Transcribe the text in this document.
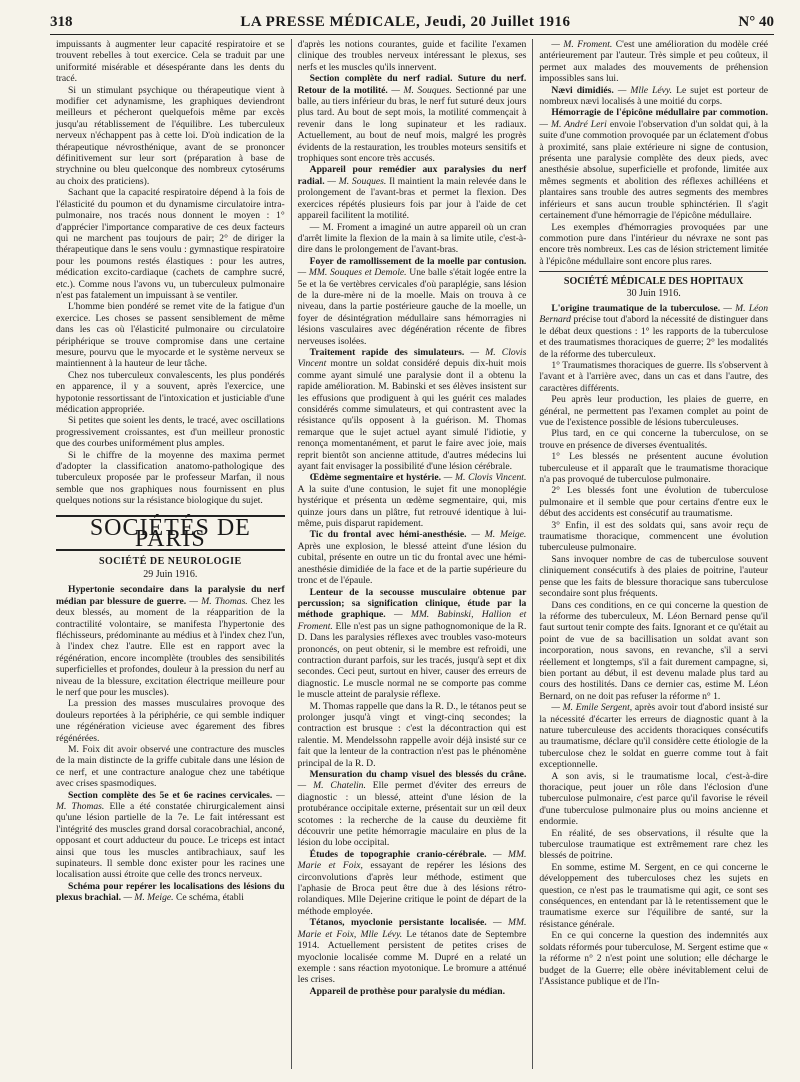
318	LA PRESSE MÉDICALE, Jeudi, 20 Juillet 1916	N° 40

impuissants à augmenter leur capacité respiratoire et se trouvent rebelles à tout exercice. Cela se traduit par une uniformité misérable et désespérante dans les dents du tracé.

Si un stimulant psychique ou thérapeutique vient à modifier cet adynamisme, les graphiques deviendront meilleurs et pécheront quelquefois même par excès jusqu'au rétablissement de l'équilibre. Les tuberculeux nerveux n'échappent pas à cette loi. D'où indication de la thérapeutique névrosthénique, avant de se prononcer définitivement sur leur sort (préparation à base de strychnine ou bleu quelconque des nombreux cytosérums au choix des praticiens).

Sachant que la capacité respiratoire dépend à la fois de l'élasticité du poumon et du dynamisme circulatoire intra-pulmonaire, nos tracés nous donnent le moyen : 1° d'apprécier l'importance comparative de ces deux facteurs qui ne marchent pas toujours de pair; 2° de diriger la thérapeutique dans le sens voulu : gymnastique respiratoire pour les poumons restés élastiques : pour les autres, médication excito-cardiaque (cachets de camphre sucré, etc.). Comme nous l'avons vu, un tuberculeux pulmonaire n'est pas fatalement un impuissant à se ventiler.

L'homme bien pondéré se remet vite de la fatigue d'un exercice. Les choses se passent sensiblement de même dans les cas où l'élasticité pulmonaire ou circulatoire périphérique se trouve compromise dans une certaine mesure, pourvu que le myocarde et le système nerveux se maintiennent à la hauteur de leur tâche.

Chez nos tuberculeux convalescents, les plus pondérés en apparence, il y a souvent, après l'exercice, une hypotonie ressortissant de l'intoxication et justiciable d'une médication appropriée.

Si petites que soient les dents, le tracé, avec oscillations progressivement croissantes, est d'un meilleur pronostic que des courbes uniformément plus amples.

Si le chiffre de la moyenne des maxima permet d'adopter la classification anatomo-pathologique des tuberculeux proposée par le professeur Marfan, il nous semble que nos graphiques nous fournissent en plus quelques notions sur la résistance biologique du sujet.

SOCIÉTÉS DE PARIS
SOCIÉTÉ DE NEUROLOGIE
29 Juin 1916.

Hypertonie secondaire dans la paralysie du nerf médian par blessure de guerre. — M. Thomas. Chez les deux blessés, au moment de la réapparition de la contractilité volontaire, se manifesta l'hypertonie des fléchisseurs, prédominante au médius et à l'index chez l'un, à l'index chez l'autre. Elle est en rapport avec la régénération, encore incomplète (troubles des sensibilités superficielles et profondes, douleur à la pression du nerf au niveau de la blessure, excitation électrique meilleure pour le nerf que pour les muscles).

La pression des masses musculaires provoque des douleurs reportées à la périphérie, ce qui semble indiquer une régénération vicieuse avec égarement des fibres régénérées.

M. Foix dit avoir observé une contracture des muscles de la main distincte de la griffe cubitale dans une lésion de ce nerf, et une contracture analogue chez une tabétique avec crises spasmodiques.

Section complète des 5e et 6e racines cervicales. — M. Thomas. Elle a été constatée chirurgicalement ainsi qu'une lésion partielle de la 7e. Le fait intéressant est l'intégrité des muscles grand dorsal coracobrachial, anconé, opposant et court adducteur du pouce. Le triceps est intact ainsi que tous les muscles antibrachiaux, sauf les supinateurs. Il semble donc exister pour les racines une localisation aussi étroite que celle des troncs nerveux.

Schéma pour repérer les localisations des lésions du plexus brachial. — M. Meige. Ce schéma, établi

d'après les notions courantes, guide et facilite l'examen clinique des troubles nerveux intéressant le plexus, ses nerfs et les muscles qu'ils innervent.

Section complète du nerf radial. Suture du nerf. Retour de la motilité. — M. Souques. Sectionné par une balle, au tiers inférieur du bras, le nerf fut suturé deux jours plus tard. Au bout de sept mois, la motilité commençait à revenir dans le long supinateur et les radiaux. Actuellement, au bout de neuf mois, malgré les progrès évidents de la restauration, les troubles moteurs sensitifs et trophiques sont encore très accusés.

Appareil pour remédier aux paralysies du nerf radial. — M. Souques. Il maintient la main relevée dans le prolongement de l'avant-bras et permet la flexion. Des exercices répétés plusieurs fois par jour à l'aide de cet appareil facilitent la motilité.

— M. Froment a imaginé un autre appareil où un cran d'arrêt limite la flexion de la main à sa limite utile, c'est-à-dire dans le prolongement de l'avant-bras.

Foyer de ramollissement de la moelle par contusion. — MM. Souques et Demole. Une balle s'était logée entre la 5e et la 6e vertèbres cervicales d'où paraplégie, sans lésion de la dure-mère ni de la moelle. Mais on trouva à ce niveau, dans la partie postérieure gauche de la moelle, un foyer de désintégration médullaire sans hémorragies ni lésions vasculaires avec dégénération récente de fibres nerveuses isolées.

Traitement rapide des simulateurs. — M. Clovis Vincent montre un soldat considéré depuis dix-huit mois comme ayant simulé une paralysie dont il a obtenu la rapide amélioration. M. Babinski et ses élèves insistent sur les effusions que prodiguent à qui les guérit ces malades considérés comme simulateurs, et qui contrastent avec la résistance qu'ils opposent à la guérison. M. Thomas remarque que le sujet actuel ayant simulé l'idiotie, y renonça momentanément, et parut le faire avec joie, mais reprit bientôt son ancienne attitude, d'autres médecins lui ayant fait envisager la possibilité d'une lésion cérébrale.

Œdème segmentaire et hystérie. — M. Clovis Vincent. A la suite d'une contusion, le sujet fit une monoplégie hystérique et présenta un œdème segmentaire, qui, mis quinze jours dans un plâtre, fut retrouvé identique à lui-même, puis disparut rapidement.

Tic du frontal avec hémi-anesthésie. — M. Meige. Après une explosion, le blessé atteint d'une lésion du cubital, présente en outre un tic du frontal avec une hémi-anesthésie dimidiée de la face et de la partie supérieure du tronc et de l'épaule.

Lenteur de la secousse musculaire obtenue par percussion; sa signification clinique, étude par la méthode graphique. — MM. Babinski, Hallion et Froment. Elle n'est pas un signe pathognomonique de la R. D. Dans les paralysies réflexes avec troubles vaso-moteurs prononcés, on peut obtenir, si le membre est refroidi, une contraction durant parfois, sur les tracés, jusqu'à sept et dix secondes. Ceci peut, surtout en hiver, causer des erreurs de diagnostic. Le muscle normal ne se comporte pas comme le muscle atteint de paralysie réflexe.

M. Thomas rappelle que dans la R. D., le tétanos peut se prolonger jusqu'à vingt et vingt-cinq secondes; la contraction est brusque : c'est la décontraction qui est ralentie. M. Mendelssohn rappelle avoir déjà insisté sur ce fait que la lenteur de la contraction n'est pas le phénomène principal de la R. D.

Mensuration du champ visuel des blessés du crâne. — M. Chatelin. Elle permet d'éviter des erreurs de diagnostic : un blessé, atteint d'une lésion de la protubérance occipitale externe, présentait sur un œil deux scotomes : la recherche de la cause du deuxième fit découvrir une petite hémorragie maculaire en plus de la lésion du lobe occipital.

Études de topographie cranio-cérébrale. — MM. Marie et Foix, essayant de repérer les lésions des circonvolutions d'après leur méthode, estiment que l'aphasie de Broca peut être due à des lésions rétro-rolandiques. Mlle Dejerine critique le point de départ de la méthode employée.

Tétanos, myoclonie persistante localisée. — MM. Marie et Foix, Mlle Lévy. Le tétanos date de Septembre 1914. Actuellement persistent de petites crises de myoclonie localisée comme M. Dupré en a relaté un exemple : sans réaction myotonique. Le bromure a atténué les crises.

Appareil de prothèse pour paralysie du médian.

— M. Froment. C'est une amélioration du modèle créé antérieurement par l'auteur. Très simple et peu coûteux, il permet aux malades des mouvements de préhension impossibles sans lui.

Nævi dimidiés. — Mlle Lévy. Le sujet est porteur de nombreux nævi localisés à une moitié du corps.

Hémorragie de l'épicône médullaire par commotion. — M. André Leri envoie l'observation d'un soldat qui, à la suite d'une commotion provoquée par un éclatement d'obus à proximité, sans plaie extérieure ni signe de contusion, présenta une paralysie complète des deux pieds, avec anesthésie absolue, superficielle et profonde, limitée aux mêmes segments et abolition des réflexes achilléens et plantaires sans trouble des autres segments des membres inférieurs et sans aucun trouble sphinctérien. Il s'agit certainement d'une hémorragie de l'épicône médullaire.

Les exemples d'hémorragies provoquées par une commotion pure dans l'intérieur du névraxe ne sont pas encore très nombreux. Les cas de lésion strictement limitée à l'épicône médullaire sont encore plus rares.

SOCIÉTÉ MÉDICALE DES HOPITAUX
30 Juin 1916.

L'origine traumatique de la tuberculose. — M. Léon Bernard précise tout d'abord la nécessité de distinguer dans le débat deux questions : 1° les rapports de la tuberculose et des traumatismes thoraciques de guerre; 2° les modalités de la réforme des tuberculeux.

1° Traumatismes thoraciques de guerre. Ils s'observent à l'avant et à l'arrière avec, dans un cas et dans l'autre, des caractères différents.

Peu après leur production, les plaies de guerre, en général, ne permettent pas l'examen complet au point de vue de l'existence possible de lésions tuberculeuses.

Plus tard, en ce qui concerne la tuberculose, on se trouve en présence de diverses éventualités.

1° Les blessés ne présentent aucune évolution tuberculeuse et il apparaît que le traumatisme thoracique n'a pas provoqué de tuberculose pulmonaire.

2° Les blessés font une évolution de tuberculose pulmonaire et il semble que pour certains d'entre eux le début des accidents est consécutif au traumatisme.

3° Enfin, il est des soldats qui, sans avoir reçu de traumatisme thoracique, commencent une évolution tuberculeuse pulmonaire.

Sans invoquer nombre de cas de tuberculose souvent cliniquement consécutifs à des plaies de poitrine, l'auteur pense que les faits de blessure thoracique sans tuberculose secondaire sont plus fréquents.

Dans ces conditions, en ce qui concerne la question de la réforme des tuberculeux, M. Léon Bernard pense qu'il faut surtout tenir compte des faits. Ignorant et ce qu'était au point de vue de sa bacillisation un soldat avant son incorporation, nous savons, en revanche, s'il a servi réellement et longtemps, s'il a fait durement campagne, si, bien portant au début, il est devenu malade plus tard au cours des hostilités. Dans ce dernier cas, estime M. Léon Bernard, on ne doit pas refuser la réforme n° 1.

— M. Emile Sergent, après avoir tout d'abord insisté sur la nécessité d'écarter les erreurs de diagnostic quant à la nature tuberculeuse des accidents thoraciques consécutifs au traumatisme, déclare qu'il considère cette étiologie de la tuberculose chez le soldat en guerre comme tout à fait exceptionnelle.

A son avis, si le traumatisme local, c'est-à-dire thoracique, peut jouer un rôle dans l'éclosion d'une tuberculose pulmonaire, c'est parce qu'il favorise le réveil d'une tuberculose pulmonaire plus ou moins ancienne et endormie.

En réalité, de ses observations, il résulte que la tuberculose traumatique est extrêmement rare chez les blessés de poitrine.

En somme, estime M. Sergent, en ce qui concerne le développement des tuberculoses chez les sujets en question, ce n'est pas le traumatisme qui agit, ce sont ses conséquences, en entendant par là le retentissement que le traumatisme exerce sur l'équilibre de santé, sur la résistance générale.

En ce qui concerne la question des indemnités aux soldats réformés pour tuberculose, M. Sergent estime que « la réforme n° 2 n'est point une solution; elle décharge le budget de la Guerre; elle obère inévitablement celui de l'Assistance publique et de l'In-
